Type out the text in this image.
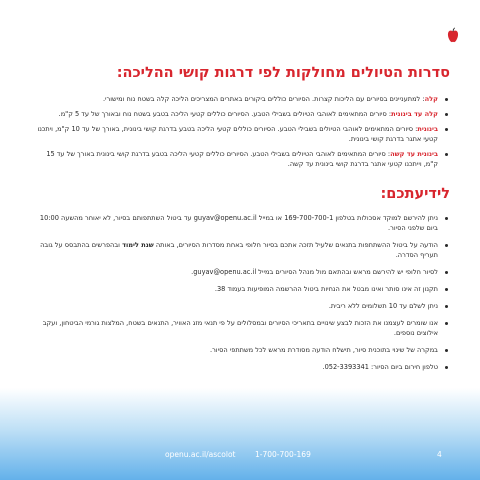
סדרות הטיולים מחולקות לפי דרגות קושי ההליכה:
קלה: למתעניינים בסיורים עם הליכות קצרות. הסיורים כוללים ביקורים באתרים המצריכים הליכה קלה בשטח נוח ומישורי.
קלה עד בינונית: סיורים המתאימים לאוהבי הטיולים בשבילי הטבע. הסיורים כוללים קטעי הליכה בטבע בשטח נוח ובאורך של עד 5 ק"מ.
בינונית: סיורים המתאימים לאוהבי הטיולים בשבילי הטבע. הסיורים כוללים קטעי הליכה בטבע בדרגת קושי בינונית, באורך של עד 10 ק"מ, ויתכנו קטעי אתגר בדרגת קושי בינונית.
בינונית עד קשה: סיורים המתאימים לאוהבי הטיולים בשבילי הטבע. הסיורים כוללים קטעי הליכה בטבע בדרגת קושי בינונית באורך של עד 15 ק"מ, וייתכנו קטעי אתגר בדרגת קושי בינונית עד קשה.
לידיעתכם:
ניתן להירשם למוקד אסכולות בטלפון 169-700-700-1 או במייל guyav@openu.ac.il עד ביטול השתתפותם בסיור, לא יאוחר מהשעה 10:00 ביום שלפני הסיור.
הודעה על ביטול ההשתתפות בתנאים שלעיל תזכה אתכם בסיור חלופי באחת מסדרות הסיורים, באותה שנת לימוד ובהפרשים בהתבסס על גובה תעריף הסדרה.
לסיור חלופי יש להירשם מראש ובהתאם מול מנהל הסיורים במייל guyav@openu.ac.il.
תקנון זה אינו סותר ואינו מבטל את הנחיות ביטול ההרשמה המופיעות בעמוד 38.
ניתן לשלם עד 10 תשלומים ללא ריבית.
אנו שומרים לעצמנו את הזכות לבצע שינויים בתאריכי הסיורים ובמסלולים על פי תנאי מזג האוויר, התנאים בשטח, המלצות גורמי הביטחון, ועקב אילוצים נוספים.
במקרה של שינוי בתוכנית סיור, תישלח הודעה מסודרת מראש לכל משתתפי הסיור.
טלפון חירום ביום הסיור: 052-3393341.
openu.ac.il/ascolot	1-700-700-169	4
